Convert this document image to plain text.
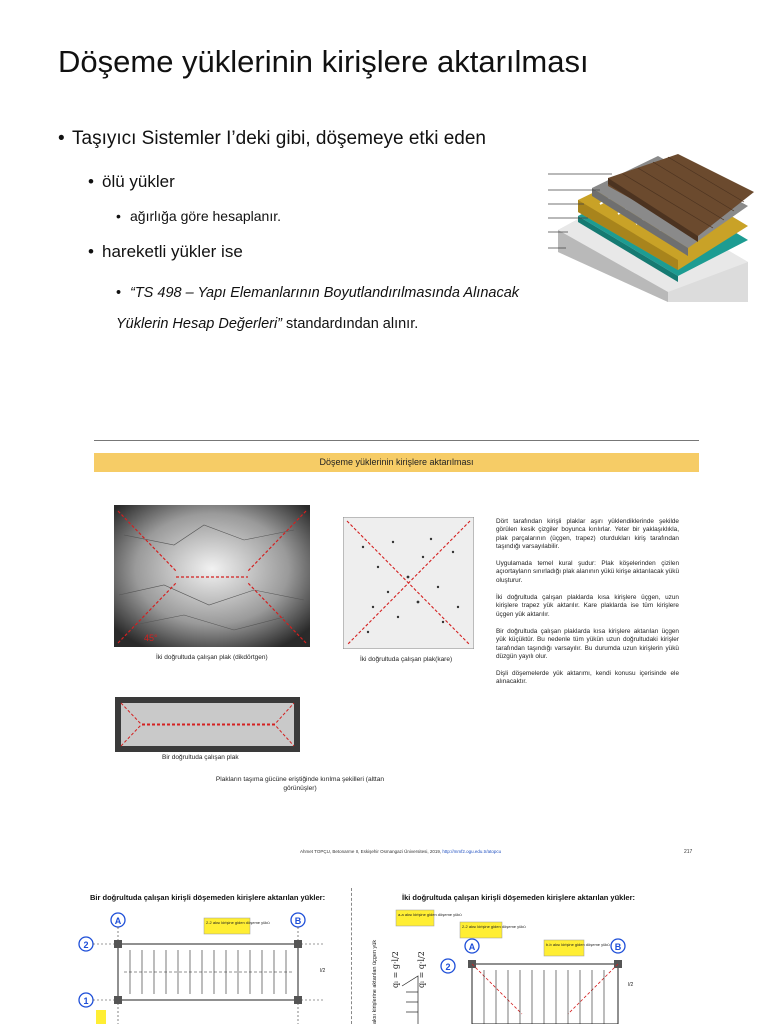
Döşeme yüklerinin kirişlere aktarılması
• Taşıyıcı Sistemler I’deki gibi, döşemeye etki eden
• ölü yükler
• ağırlığa göre hesaplanır.
• hareketli yükler ise
• “TS 498 – Yapı Elemanlarının Boyutlandırılmasında Alınacak Yüklerin Hesap Değerleri” standardından alınır.
Döşeme yüklerinin kirişlere aktarılması
45°
İki doğrultuda çalışan plak (dikdörtgen)	İki doğrultuda çalışan plak(kare)
Bir doğrultuda çalışan plak

Dört tarafından kirişli plaklar aşırı yüklendiklerinde şekilde görülen kesik çizgiler boyunca kırılırlar. Yeter bir yaklaşıklıkla, plak parçalarının (üçgen, trapez) oturdukları kiriş tarafından taşındığı varsayılabilir.

Uygulamada temel kural şudur: Plak köşelerinden çizilen açıortayların sınırladığı plak alanının yükü kirişe aktarılacak yükü oluşturur.

İki doğrultuda çalışan plaklarda kısa kirişlere üçgen, uzun kirişlere trapez yük aktarılır. Kare plaklarda ise tüm kirişlere üçgen yük aktarılır.

Bir doğrultuda çalışan plaklarda kısa kirişlere aktarılan üçgen yük küçüktür. Bu nedenle tüm yükün uzun doğrultudaki kirişler tarafından taşındığı varsayılır. Bu durumda uzun kirişlerin yükü düzgün yayılı olur.

Dişli döşemelerde yük aktarımı, kendi konusu içerisinde ele alınacaktır.

Plakların taşıma gücüne eriştiğinde kırılma şekilleri (alttan görünüşler)
Ahmet TOPÇU, Betonarme II, Eskişehir Osmangazi Üniversitesi, 2019, http://mmf2.ogu.edu.tr/atopcu	217
Bir doğrultuda çalışan kirişli döşemeden kirişlere aktarılan yükler:	İki doğrultuda çalışan kirişli döşemeden kirişlere aktarılan yükler:
A	B
2
1
2-2 aksı kirişine giden döşeme yükü
l/2	aksı kirişlerine aktarılan üçgen yük qₗ = g·l/2 qₗ = q·l/2
a-a aksı kirişine giden döşeme yükü
2-2 aksı kirişine giden döşeme yükü
b-b aksı kirişine giden döşeme yükü
A	B
2
l/2
